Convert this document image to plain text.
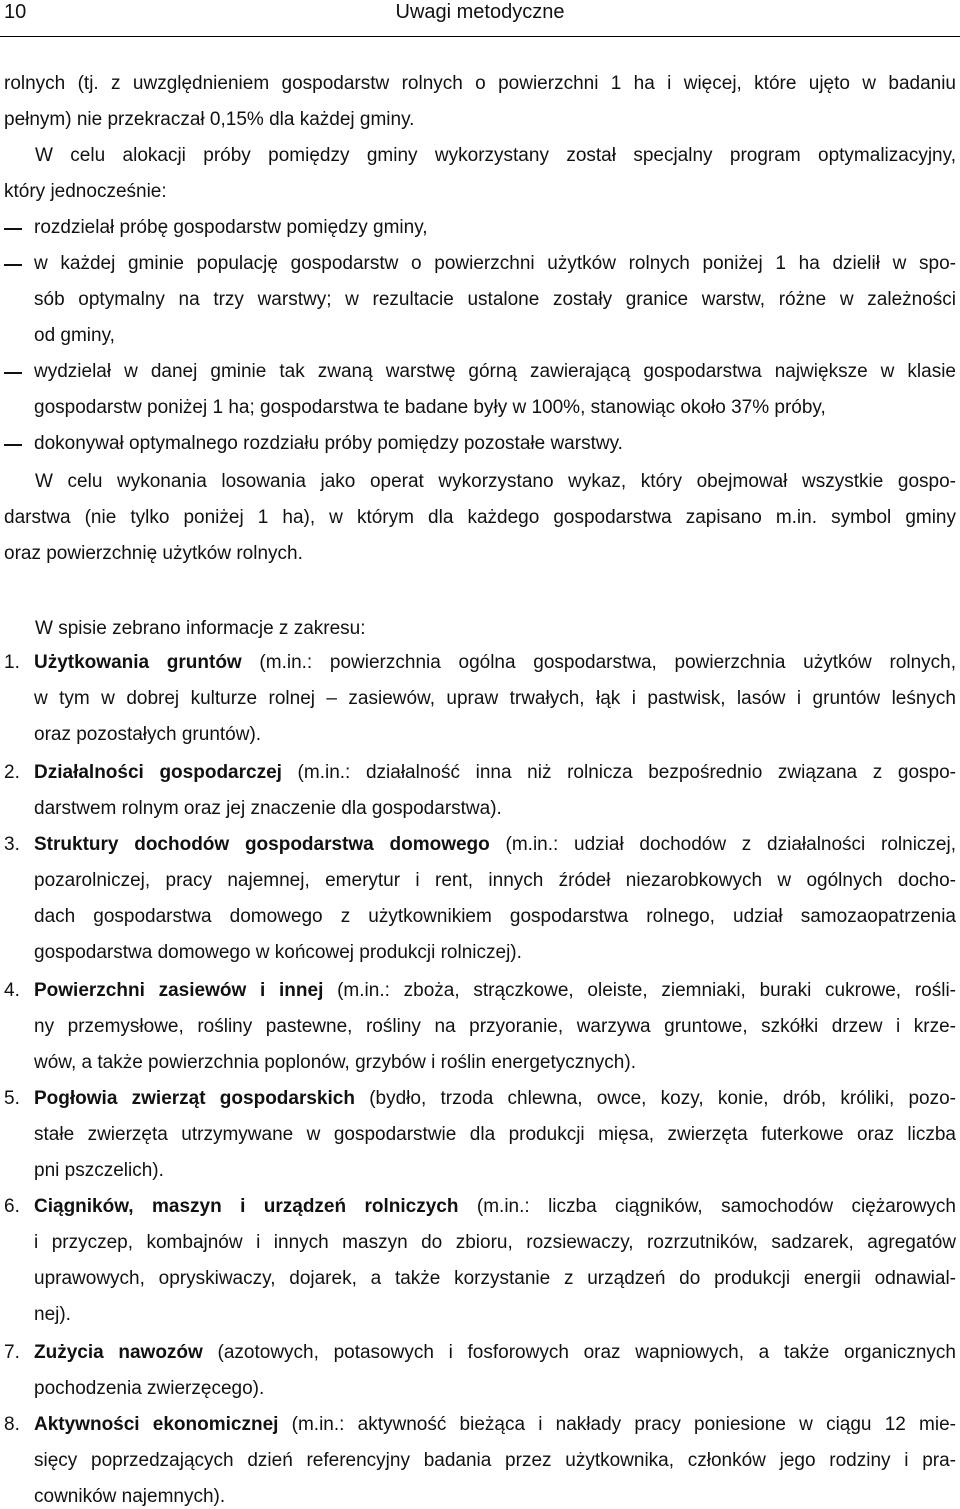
10	Uwagi metodyczne
rolnych (tj. z uwzględnieniem gospodarstw rolnych o powierzchni 1 ha i więcej, które ujęto w badaniu
pełnym) nie przekraczał 0,15% dla każdej gminy.
W celu alokacji próby pomiędzy gminy wykorzystany został specjalny program optymalizacyjny,
który jednocześnie:
rozdzielał próbę gospodarstw pomiędzy gminy,
w każdej gminie populację gospodarstw o powierzchni użytków rolnych poniżej 1 ha dzielił w spo-
sób optymalny na trzy warstwy; w rezultacie ustalone zostały granice warstw, różne w zależności
od gminy,
wydzielał w danej gminie tak zwaną warstwę górną zawierającą gospodarstwa największe w klasie
gospodarstw poniżej 1 ha; gospodarstwa te badane były w 100%, stanowiąc około 37% próby,
dokonywał optymalnego rozdziału próby pomiędzy pozostałe warstwy.
W celu wykonania losowania jako operat wykorzystano wykaz, który obejmował wszystkie gospo-
darstwa (nie tylko poniżej 1 ha), w którym dla każdego gospodarstwa zapisano m.in. symbol gminy
oraz powierzchnię użytków rolnych.
W spisie zebrano informacje z zakresu:
1. Użytkowania gruntów (m.in.: powierzchnia ogólna gospodarstwa, powierzchnia użytków rolnych,
w tym w dobrej kulturze rolnej – zasiewów, upraw trwałych, łąk i pastwisk, lasów i gruntów leśnych
oraz pozostałych gruntów).
2. Działalności gospodarczej (m.in.: działalność inna niż rolnicza bezpośrednio związana z gospo-
darstwem rolnym oraz jej znaczenie dla gospodarstwa).
3. Struktury dochodów gospodarstwa domowego (m.in.: udział dochodów z działalności rolniczej,
pozarolniczej, pracy najemnej, emerytur i rent, innych źródeł niezarobkowych w ogólnych docho-
dach gospodarstwa domowego z użytkownikiem gospodarstwa rolnego, udział samozaopatrzenia
gospodarstwa domowego w końcowej produkcji rolniczej).
4. Powierzchni zasiewów i innej (m.in.: zboża, strączkowe, oleiste, ziemniaki, buraki cukrowe, rośli-
ny przemysłowe, rośliny pastewne, rośliny na przyoranie, warzywa gruntowe, szkółki drzew i krze-
wów, a także powierzchnia poplonów, grzybów i roślin energetycznych).
5. Pogłowia zwierząt gospodarskich (bydło, trzoda chlewna, owce, kozy, konie, drób, króliki, pozo-
stałe zwierzęta utrzymywane w gospodarstwie dla produkcji mięsa, zwierzęta futerkowe oraz liczba
pni pszczelich).
6. Ciągników, maszyn i urządzeń rolniczych (m.in.: liczba ciągników, samochodów ciężarowych
i przyczep, kombajnów i innych maszyn do zbioru, rozsiewaczy, rozrzutników, sadzarek, agregatów
uprawowych, opryskiwaczy, dojarek, a także korzystanie z urządzeń do produkcji energii odnawial-
nej).
7. Zużycia nawozów (azotowych, potasowych i fosforowych oraz wapniowych, a także organicznych
pochodzenia zwierzęcego).
8. Aktywności ekonomicznej (m.in.: aktywność bieżąca i nakłady pracy poniesione w ciągu 12 mie-
sięcy poprzedzających dzień referencyjny badania przez użytkownika, członków jego rodziny i pra-
cowników najemnych).
